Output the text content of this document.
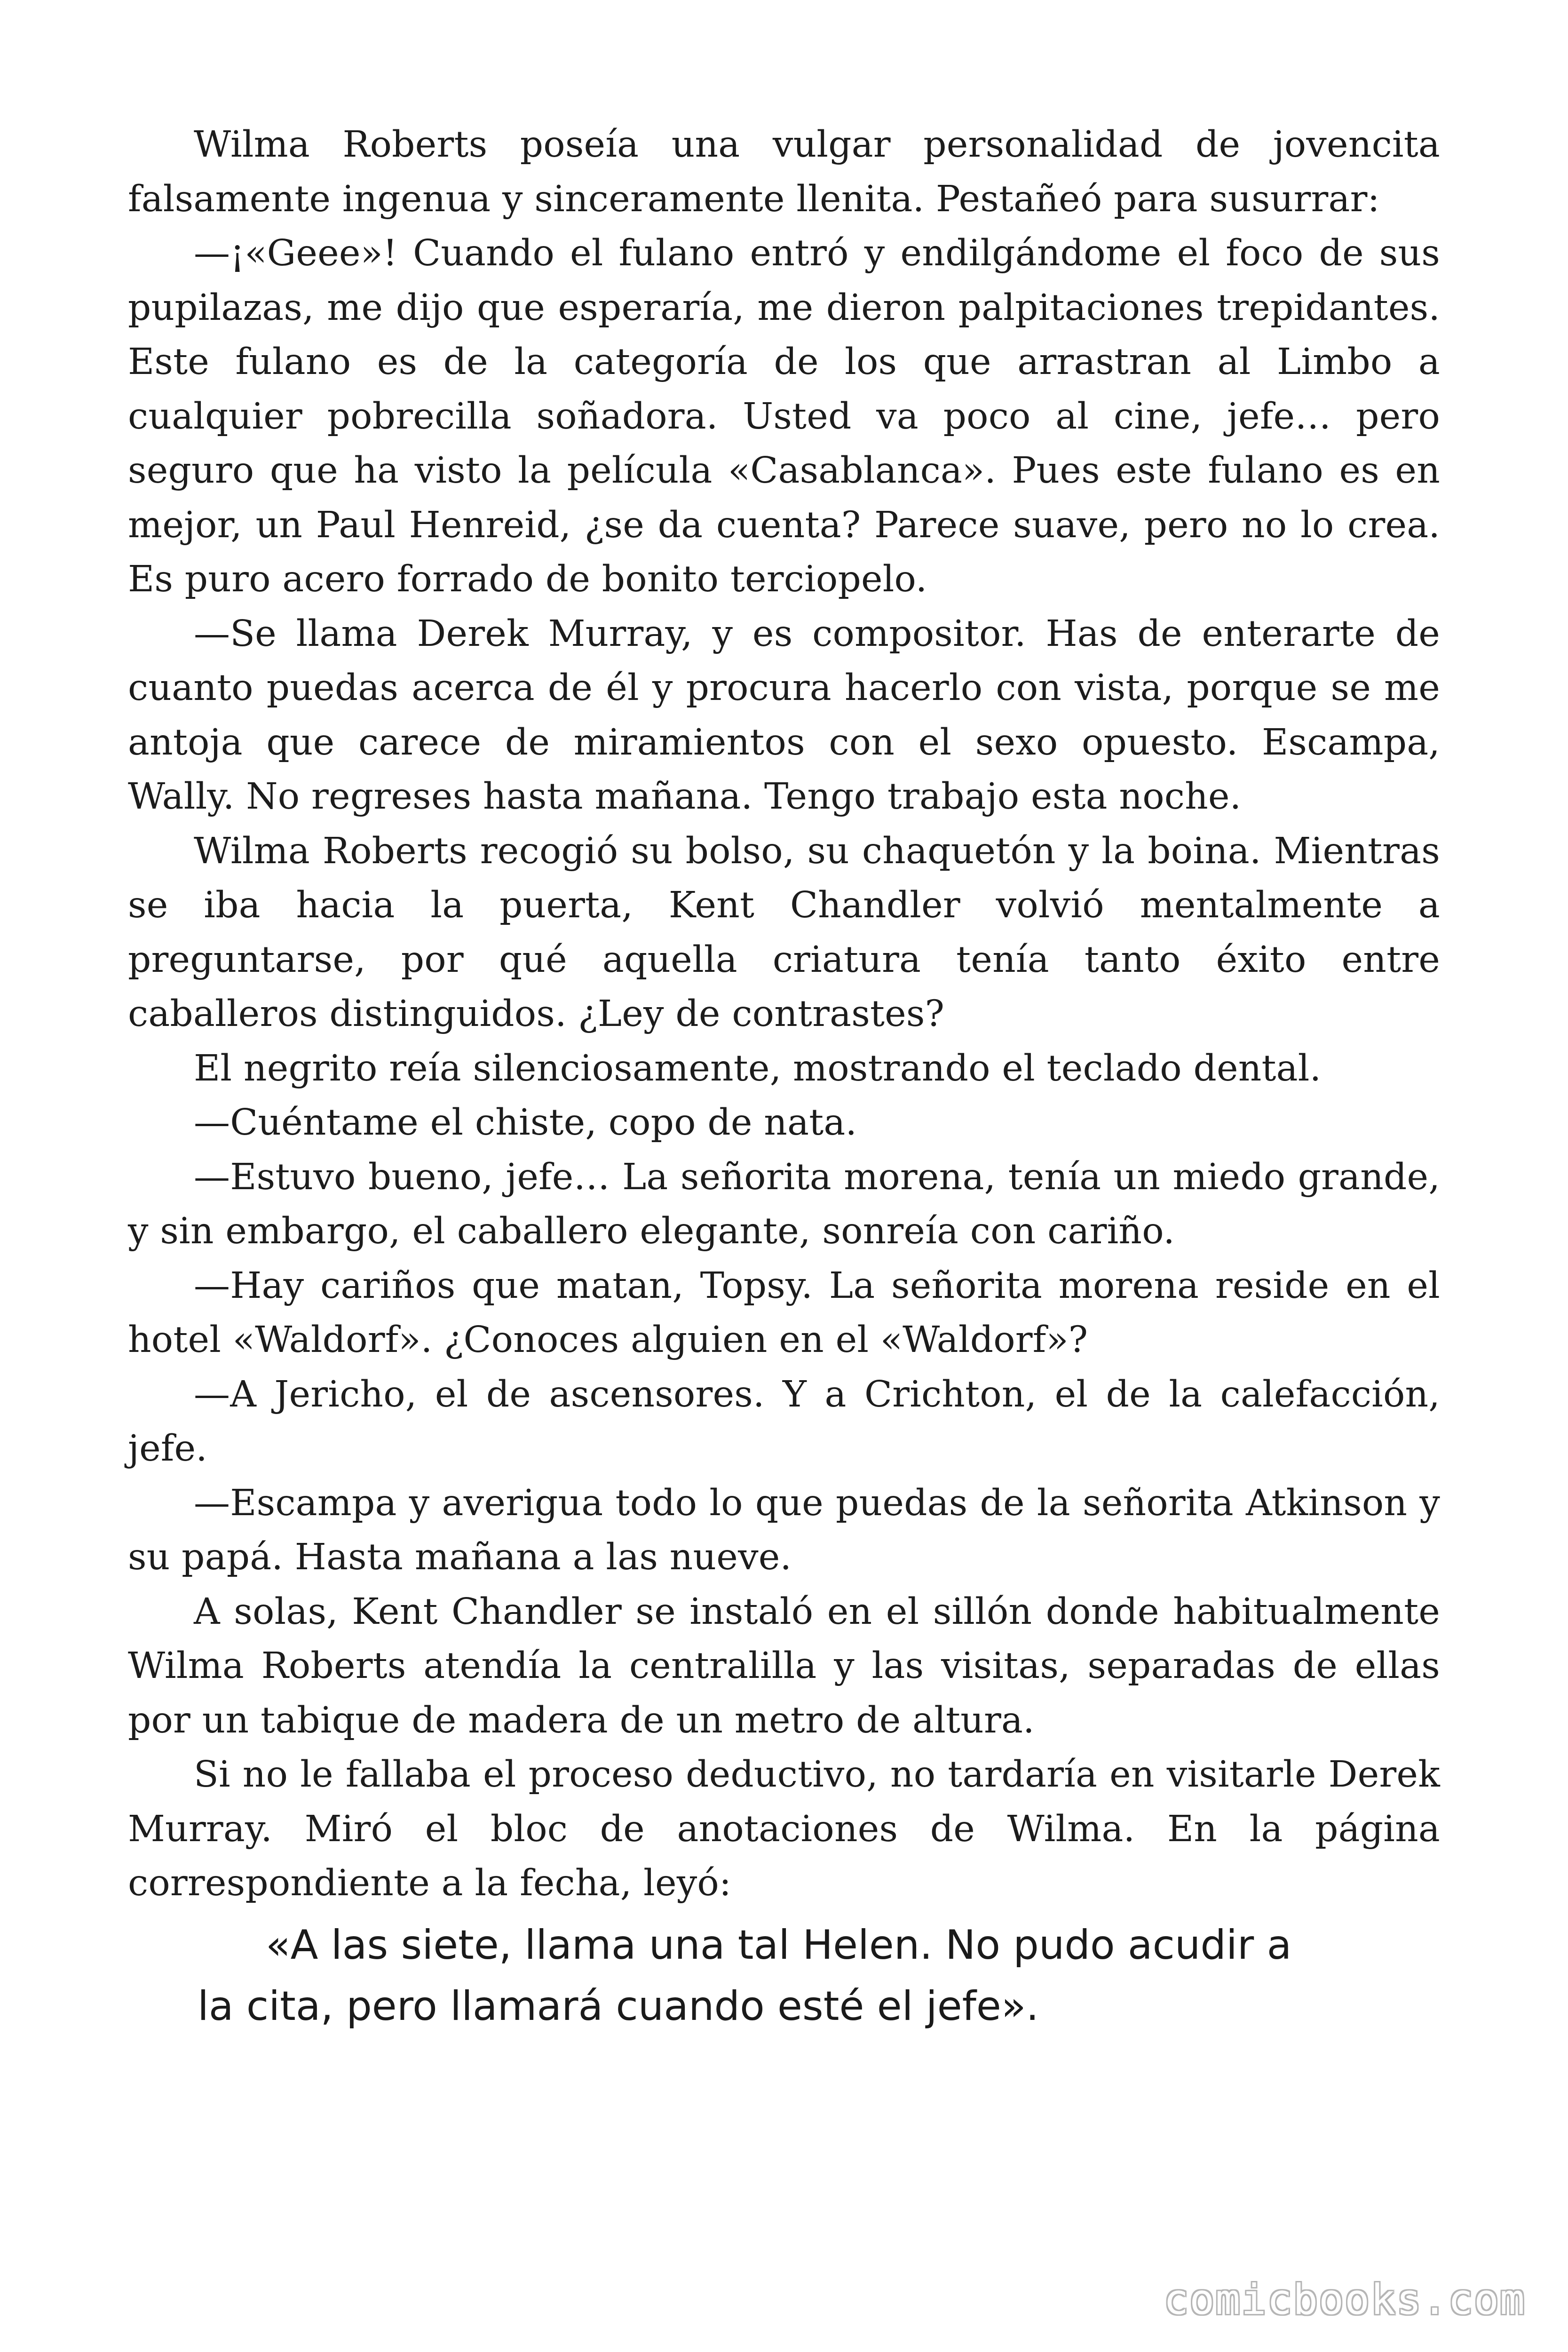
Wilma Roberts poseía una vulgar personalidad de jovencita falsamente ingenua y sinceramente llenita. Pestañeó para susurrar:

—¡«Geee»! Cuando el fulano entró y endilgándome el foco de sus pupilazas, me dijo que esperaría, me dieron palpitaciones trepidantes. Este fulano es de la categoría de los que arrastran al Limbo a cualquier pobrecilla soñadora. Usted va poco al cine, jefe… pero seguro que ha visto la película «Casablanca». Pues este fulano es en mejor, un Paul Henreid, ¿se da cuenta? Parece suave, pero no lo crea. Es puro acero forrado de bonito terciopelo.

—Se llama Derek Murray, y es compositor. Has de enterarte de cuanto puedas acerca de él y procura hacerlo con vista, porque se me antoja que carece de miramientos con el sexo opuesto. Escampa, Wally. No regreses hasta mañana. Tengo trabajo esta noche.

Wilma Roberts recogió su bolso, su chaquetón y la boina. Mientras se iba hacia la puerta, Kent Chandler volvió mentalmente a preguntarse, por qué aquella criatura tenía tanto éxito entre caballeros distinguidos. ¿Ley de contrastes?

El negrito reía silenciosamente, mostrando el teclado dental.

—Cuéntame el chiste, copo de nata.

—Estuvo bueno, jefe… La señorita morena, tenía un miedo grande, y sin embargo, el caballero elegante, sonreía con cariño.

—Hay cariños que matan, Topsy. La señorita morena reside en el hotel «Waldorf». ¿Conoces alguien en el «Waldorf»?

—A Jericho, el de ascensores. Y a Crichton, el de la calefacción, jefe.

—Escampa y averigua todo lo que puedas de la señorita Atkinson y su papá. Hasta mañana a las nueve.

A solas, Kent Chandler se instaló en el sillón donde habitualmente Wilma Roberts atendía la centralilla y las visitas, separadas de ellas por un tabique de madera de un metro de altura.

Si no le fallaba el proceso deductivo, no tardaría en visitarle Derek Murray. Miró el bloc de anotaciones de Wilma. En la página correspondiente a la fecha, leyó:

«A las siete, llama una tal Helen. No pudo acudir a
la cita, pero llamará cuando esté el jefe».
comicbooks.com
